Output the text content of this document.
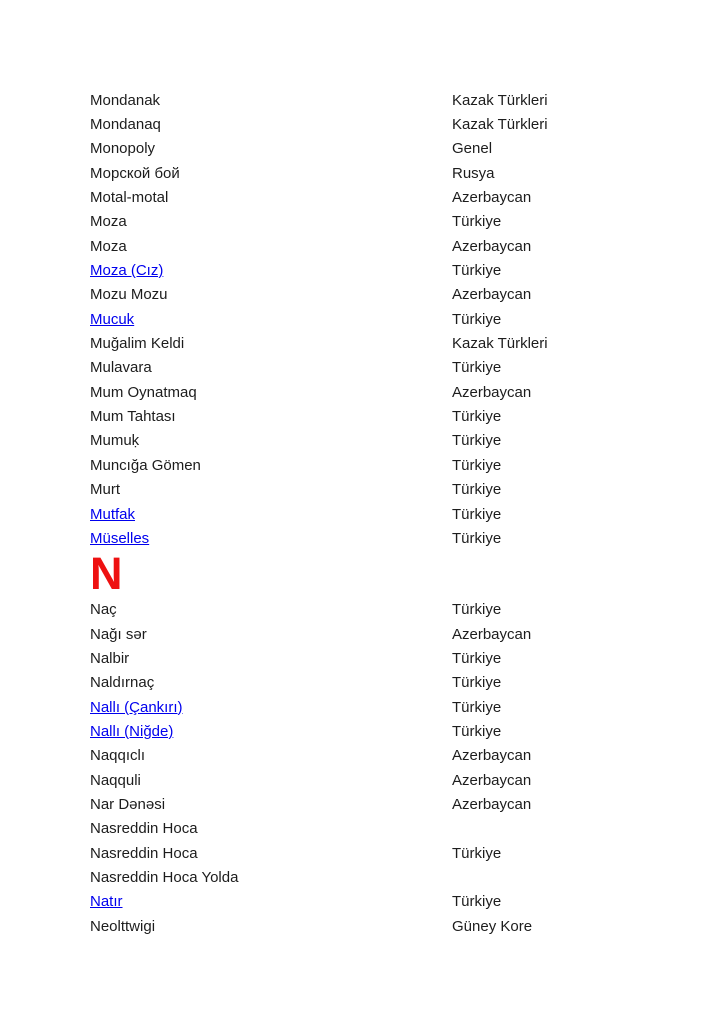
Mondanak	Kazak Türkleri
Mondanaq	Kazak Türkleri
Monopoly	Genel
Морской бой	Rusya
Motal-motal	Azerbaycan
Moza	Türkiye
Moza	Azerbaycan
Moza (Cız)	Türkiye
Mozu Mozu	Azerbaycan
Mucuk	Türkiye
Muğalim Keldi	Kazak Türkleri
Mulavara	Türkiye
Mum Oynatmaq	Azerbaycan
Mum Tahtası	Türkiye
Mumuḳ	Türkiye
Muncığa Gömen	Türkiye
Murt	Türkiye
Mutfak	Türkiye
Müselles	Türkiye
N
Naç	Türkiye
Nağı sər	Azerbaycan
Nalbir	Türkiye
Naldırnaç	Türkiye
Nallı (Çankırı)	Türkiye
Nallı (Niğde)	Türkiye
Naqqıclı	Azerbaycan
Naqquli	Azerbaycan
Nar Dənəsi	Azerbaycan
Nasreddin Hoca
Nasreddin Hoca	Türkiye
Nasreddin Hoca Yolda
Natır	Türkiye
Neolttwigi	Güney Kore
